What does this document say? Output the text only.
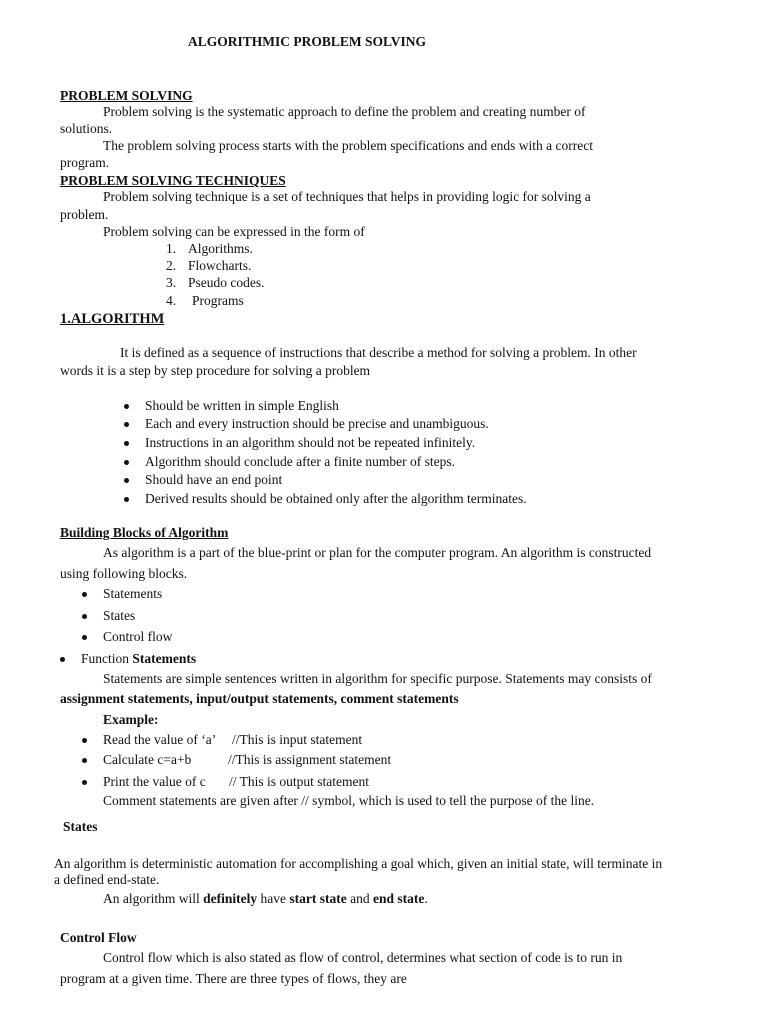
ALGORITHMIC PROBLEM SOLVING
PROBLEM SOLVING
Problem solving is the systematic approach to define the problem and creating number of
solutions.
The problem solving process starts with the problem specifications and ends with a correct
program.
PROBLEM SOLVING TECHNIQUES
Problem solving technique is a set of techniques that helps in providing logic for solving a
problem.
Problem solving can be expressed in the form of
1. Algorithms.
2. Flowcharts.
3. Pseudo codes.
4. Programs
1.ALGORITHM
It is defined as a sequence of instructions that describe a method for solving a problem. In other
words it is a step by step procedure for solving a problem
Should be written in simple English
Each and every instruction should be precise and unambiguous.
Instructions in an algorithm should not be repeated infinitely.
Algorithm should conclude after a finite number of steps.
Should have an end point
Derived results should be obtained only after the algorithm terminates.
Building Blocks of Algorithm
As algorithm is a part of the blue-print or plan for the computer program. An algorithm is constructed
using following blocks.
Statements
States
Control flow
Function Statements
Statements are simple sentences written in algorithm for specific purpose. Statements may consists of
assignment statements, input/output statements, comment statements
Example:
Read the value of ‘a’ //This is input statement
Calculate c=a+b	//This is assignment statement
Print the value of c // This is output statement
Comment statements are given after // symbol, which is used to tell the purpose of the line.
States
An algorithm is deterministic automation for accomplishing a goal which, given an initial state, will terminate in
a defined end-state.
An algorithm will definitely have start state and end state.
Control Flow
Control flow which is also stated as flow of control, determines what section of code is to run in
program at a given time. There are three types of flows, they are
